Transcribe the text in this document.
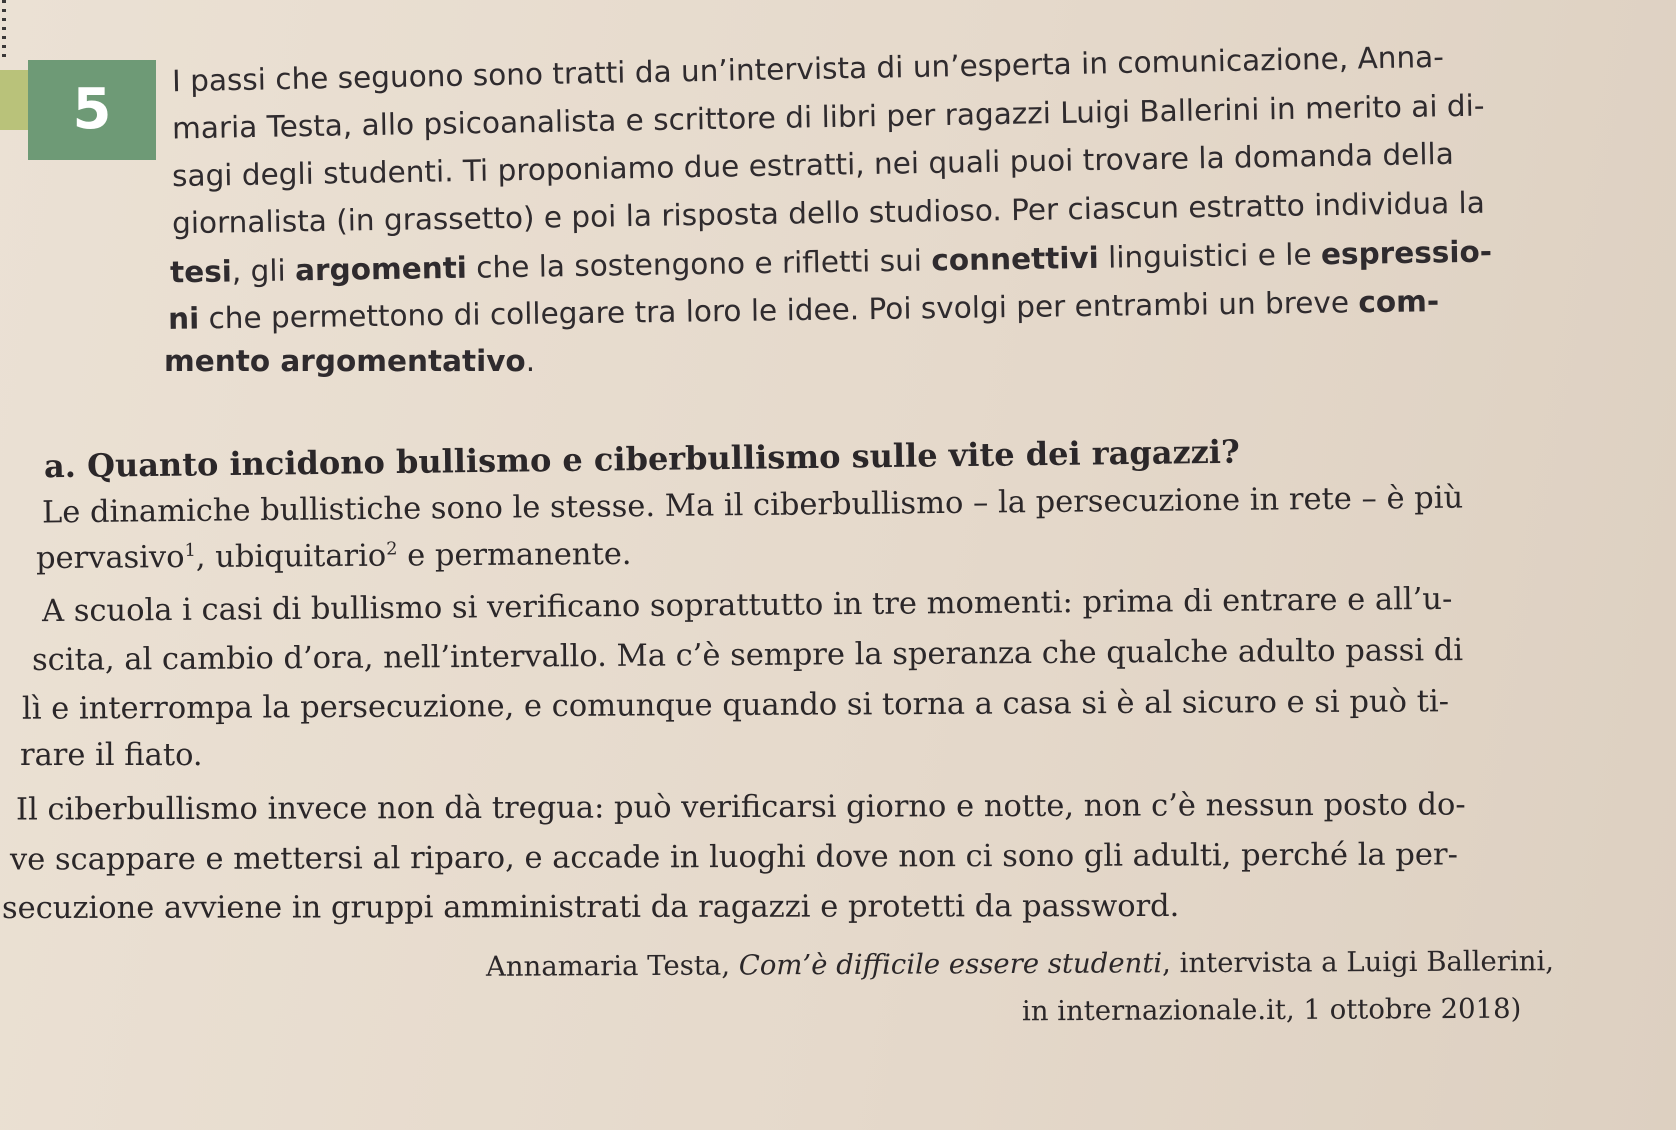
5
I passi che seguono sono tratti da un’intervista di un’esperta in comunicazione, Anna-
maria Testa, allo psicoanalista e scrittore di libri per ragazzi Luigi Ballerini in merito ai di-
sagi degli studenti. Ti proponiamo due estratti, nei quali puoi trovare la domanda della
giornalista (in grassetto) e poi la risposta dello studioso. Per ciascun estratto individua la
tesi, gli argomenti che la sostengono e rifletti sui connettivi linguistici e le espressio-
ni che permettono di collegare tra loro le idee. Poi svolgi per entrambi un breve com-
mento argomentativo.
a. Quanto incidono bullismo e ciberbullismo sulle vite dei ragazzi?
Le dinamiche bullistiche sono le stesse. Ma il ciberbullismo – la persecuzione in rete – è più
pervasivo$^1$, ubiquitario$^2$ e permanente.
A scuola i casi di bullismo si verificano soprattutto in tre momenti: prima di entrare e all’u-
scita, al cambio d’ora, nell’intervallo. Ma c’è sempre la speranza che qualche adulto passi di
lì e interrompa la persecuzione, e comunque quando si torna a casa si è al sicuro e si può ti-
rare il fiato.
Il ciberbullismo invece non dà tregua: può verificarsi giorno e notte, non c’è nessun posto do-
ve scappare e mettersi al riparo, e accade in luoghi dove non ci sono gli adulti, perché la per-
secuzione avviene in gruppi amministrati da ragazzi e protetti da password.
Annamaria Testa, Com’è difficile essere studenti, intervista a Luigi Ballerini,
in internazionale.it, 1 ottobre 2018)
